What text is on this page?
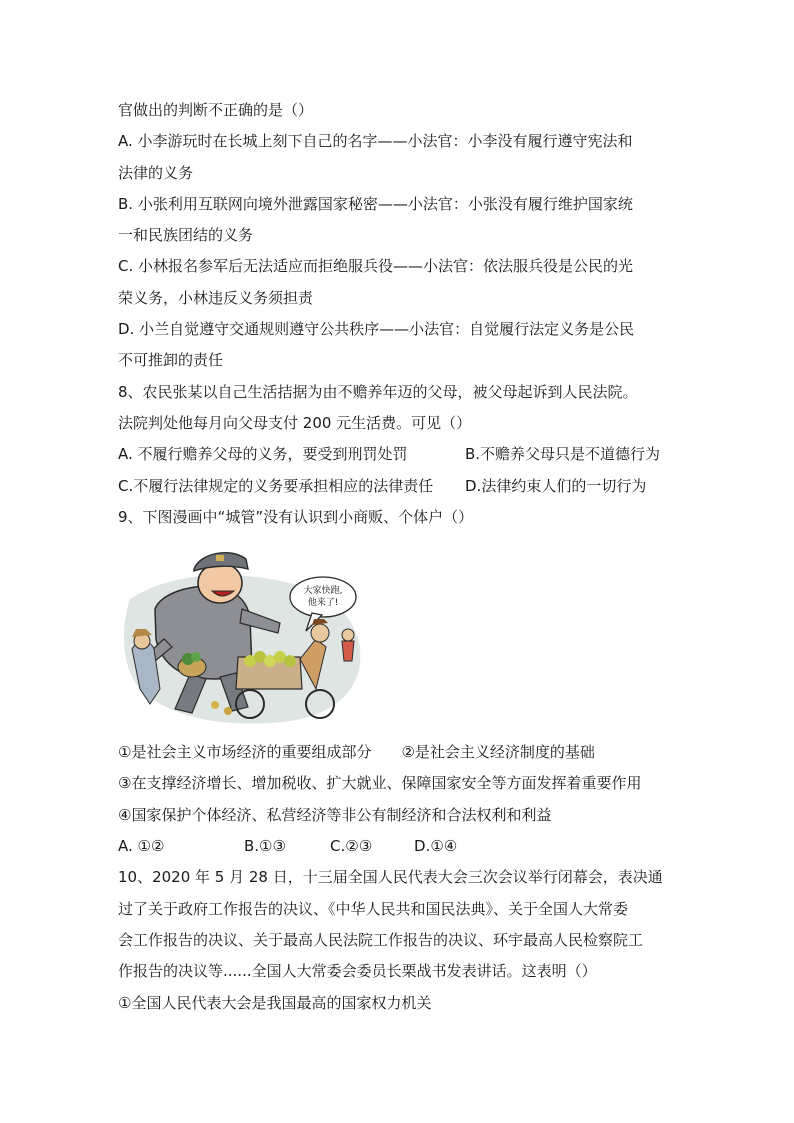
官做出的判断不正确的是（）
A. 小李游玩时在长城上刻下自己的名字——小法官：小李没有履行遵守宪法和
法律的义务
B. 小张利用互联网向境外泄露国家秘密——小法官：小张没有履行维护国家统
一和民族团结的义务
C. 小林报名参军后无法适应而拒绝服兵役——小法官：依法服兵役是公民的光
荣义务，小林违反义务须担责
D. 小兰自觉遵守交通规则遵守公共秩序——小法官：自觉履行法定义务是公民
不可推卸的责任
8、农民张某以自己生活拮据为由不赡养年迈的父母，被父母起诉到人民法院。
法院判处他每月向父母支付 200 元生活费。可见（）
A. 不履行赡养父母的义务，要受到刑罚处罚	B.不赡养父母只是不道德行为
C.不履行法律规定的义务要承担相应的法律责任	D.法律约束人们的一切行为
9、下图漫画中“城管”没有认识到小商贩、个体户（）
大家快跑,
他来了!
①是社会主义市场经济的重要组成部分 ②是社会主义经济制度的基础
③在支撑经济增长、增加税收、扩大就业、保障国家安全等方面发挥着重要作用
④国家保护个体经济、私营经济等非公有制经济和合法权利和利益
A. ①②	B.①③	C.②③	D.①④
10、2020 年 5 月 28 日，十三届全国人民代表大会三次会议举行闭幕会，表决通
过了关于政府工作报告的决议、《中华人民共和国民法典》、关于全国人大常委
会工作报告的决议、关于最高人民法院工作报告的决议、环宇最高人民检察院工
作报告的决议等......全国人大常委会委员长栗战书发表讲话。这表明（）
①全国人民代表大会是我国最高的国家权力机关
